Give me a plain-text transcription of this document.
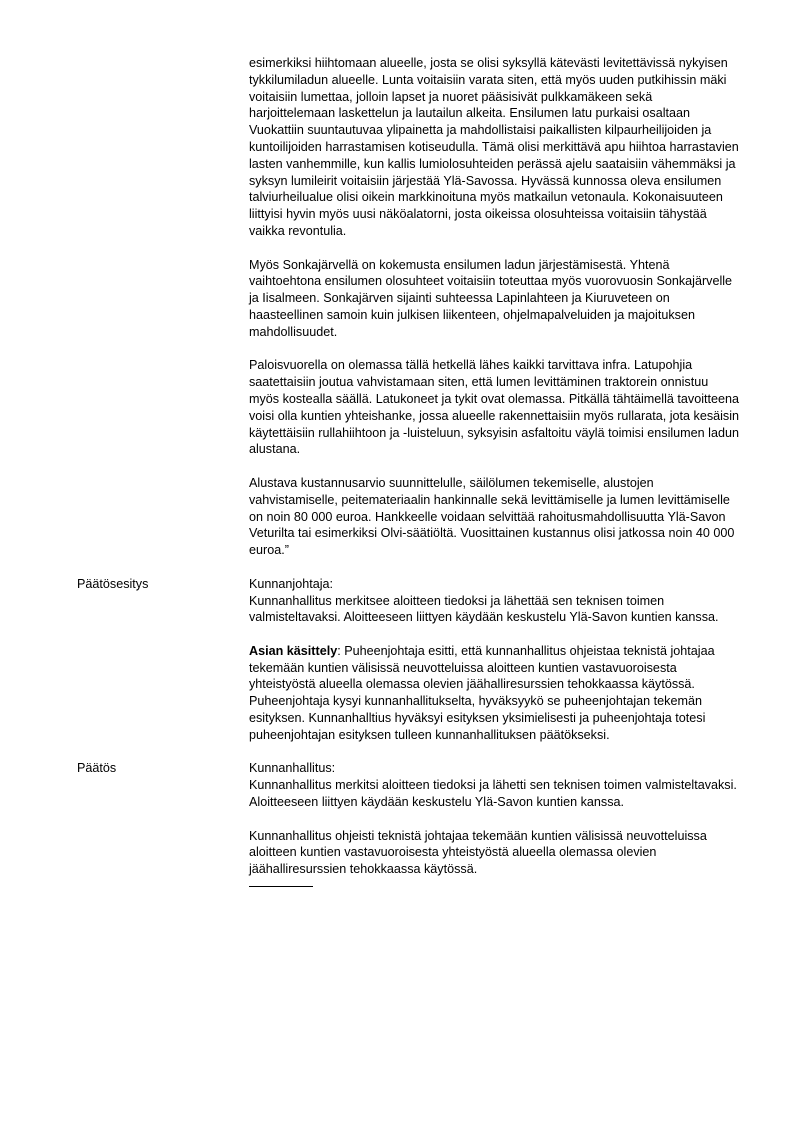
esimerkiksi hiihtomaan alueelle, josta se olisi syksyllä kätevästi levitettävissä nykyisen tykkilumiladun alueelle. Lunta voitaisiin varata siten, että myös uuden putkihissin mäki voitaisiin lumettaa, jolloin lapset ja nuoret pääsisivät pulkkamäkeen sekä harjoittelemaan laskettelun ja lautailun alkeita. Ensilumen latu purkaisi osaltaan Vuokattiin suuntautuvaa ylipainetta ja mahdollistaisi paikallisten kilpaurheilijoiden ja kuntoilijoiden harrastamisen kotiseudulla. Tämä olisi merkittävä apu hiihtoa harrastavien lasten vanhemmille, kun kallis lumiolosuhteiden perässä ajelu saataisiin vähemmäksi ja syksyn lumileirit voitaisiin järjestää Ylä-Savossa. Hyvässä kunnossa oleva ensilumen talviurheilualue olisi oikein markkinoituna myös matkailun vetonaula. Kokonaisuuteen liittyisi hyvin myös uusi näköalatorni, josta oikeissa olosuhteissa voitaisiin tähystää vaikka revontulia.

Myös Sonkajärvellä on kokemusta ensilumen ladun järjestämisestä. Yhtenä vaihtoehtona ensilumen olosuhteet voitaisiin toteuttaa myös vuorovuosin Sonkajärvelle ja Iisalmeen. Sonkajärven sijainti suhteessa Lapinlahteen ja Kiuruveteen on haasteellinen samoin kuin julkisen liikenteen, ohjelmapalveluiden ja majoituksen mahdollisuudet.

Paloisvuorella on olemassa tällä hetkellä lähes kaikki tarvittava infra. Latupohjia saatettaisiin joutua vahvistamaan siten, että lumen levittäminen traktorein onnistuu myös kostealla säällä. Latukoneet ja tykit ovat olemassa. Pitkällä tähtäimellä tavoitteena voisi olla kuntien yhteishanke, jossa alueelle rakennettaisiin myös rullarata, jota kesäisin käytettäisiin rullahiihtoon ja -luisteluun, syksyisin asfaltoitu väylä toimisi ensilumen ladun alustana.

Alustava kustannusarvio suunnittelulle, säilölumen tekemiselle, alustojen vahvistamiselle, peitemateriaalin hankinnalle sekä levittämiselle ja lumen levittämiselle on noin 80 000 euroa. Hankkeelle voidaan selvittää rahoitusmahdollisuutta Ylä-Savon Veturilta tai esimerkiksi Olvi-säätiöltä. Vuosittainen kustannus olisi jatkossa noin 40 000 euroa.”

Päätösesitys	Kunnanjohtaja:

Kunnanhallitus merkitsee aloitteen tiedoksi ja lähettää sen teknisen toimen valmisteltavaksi. Aloitteeseen liittyen käydään keskustelu Ylä-Savon kuntien kanssa.

Asian käsittely: Puheenjohtaja esitti, että kunnanhallitus ohjeistaa teknistä johtajaa tekemään kuntien välisissä neuvotteluissa aloitteen kuntien vastavuoroisesta yhteistyöstä alueella olemassa olevien jäähalliresurssien tehokkaassa käytössä. Puheenjohtaja kysyi kunnanhallitukselta, hyväksyykö se puheenjohtajan tekemän esityksen. Kunnanhalltius hyväksyi esityksen yksimielisesti ja puheenjohtaja totesi puheenjohtajan esityksen tulleen kunnanhallituksen päätökseksi.

Päätös	Kunnanhallitus:

Kunnanhallitus merkitsi aloitteen tiedoksi ja lähetti sen teknisen toimen valmisteltavaksi. Aloitteeseen liittyen käydään keskustelu Ylä-Savon kuntien kanssa.

Kunnanhallitus ohjeisti teknistä johtajaa tekemään kuntien välisissä neuvotteluissa aloitteen kuntien vastavuoroisesta yhteistyöstä alueella olemassa olevien jäähalliresurssien tehokkaassa käytössä.
